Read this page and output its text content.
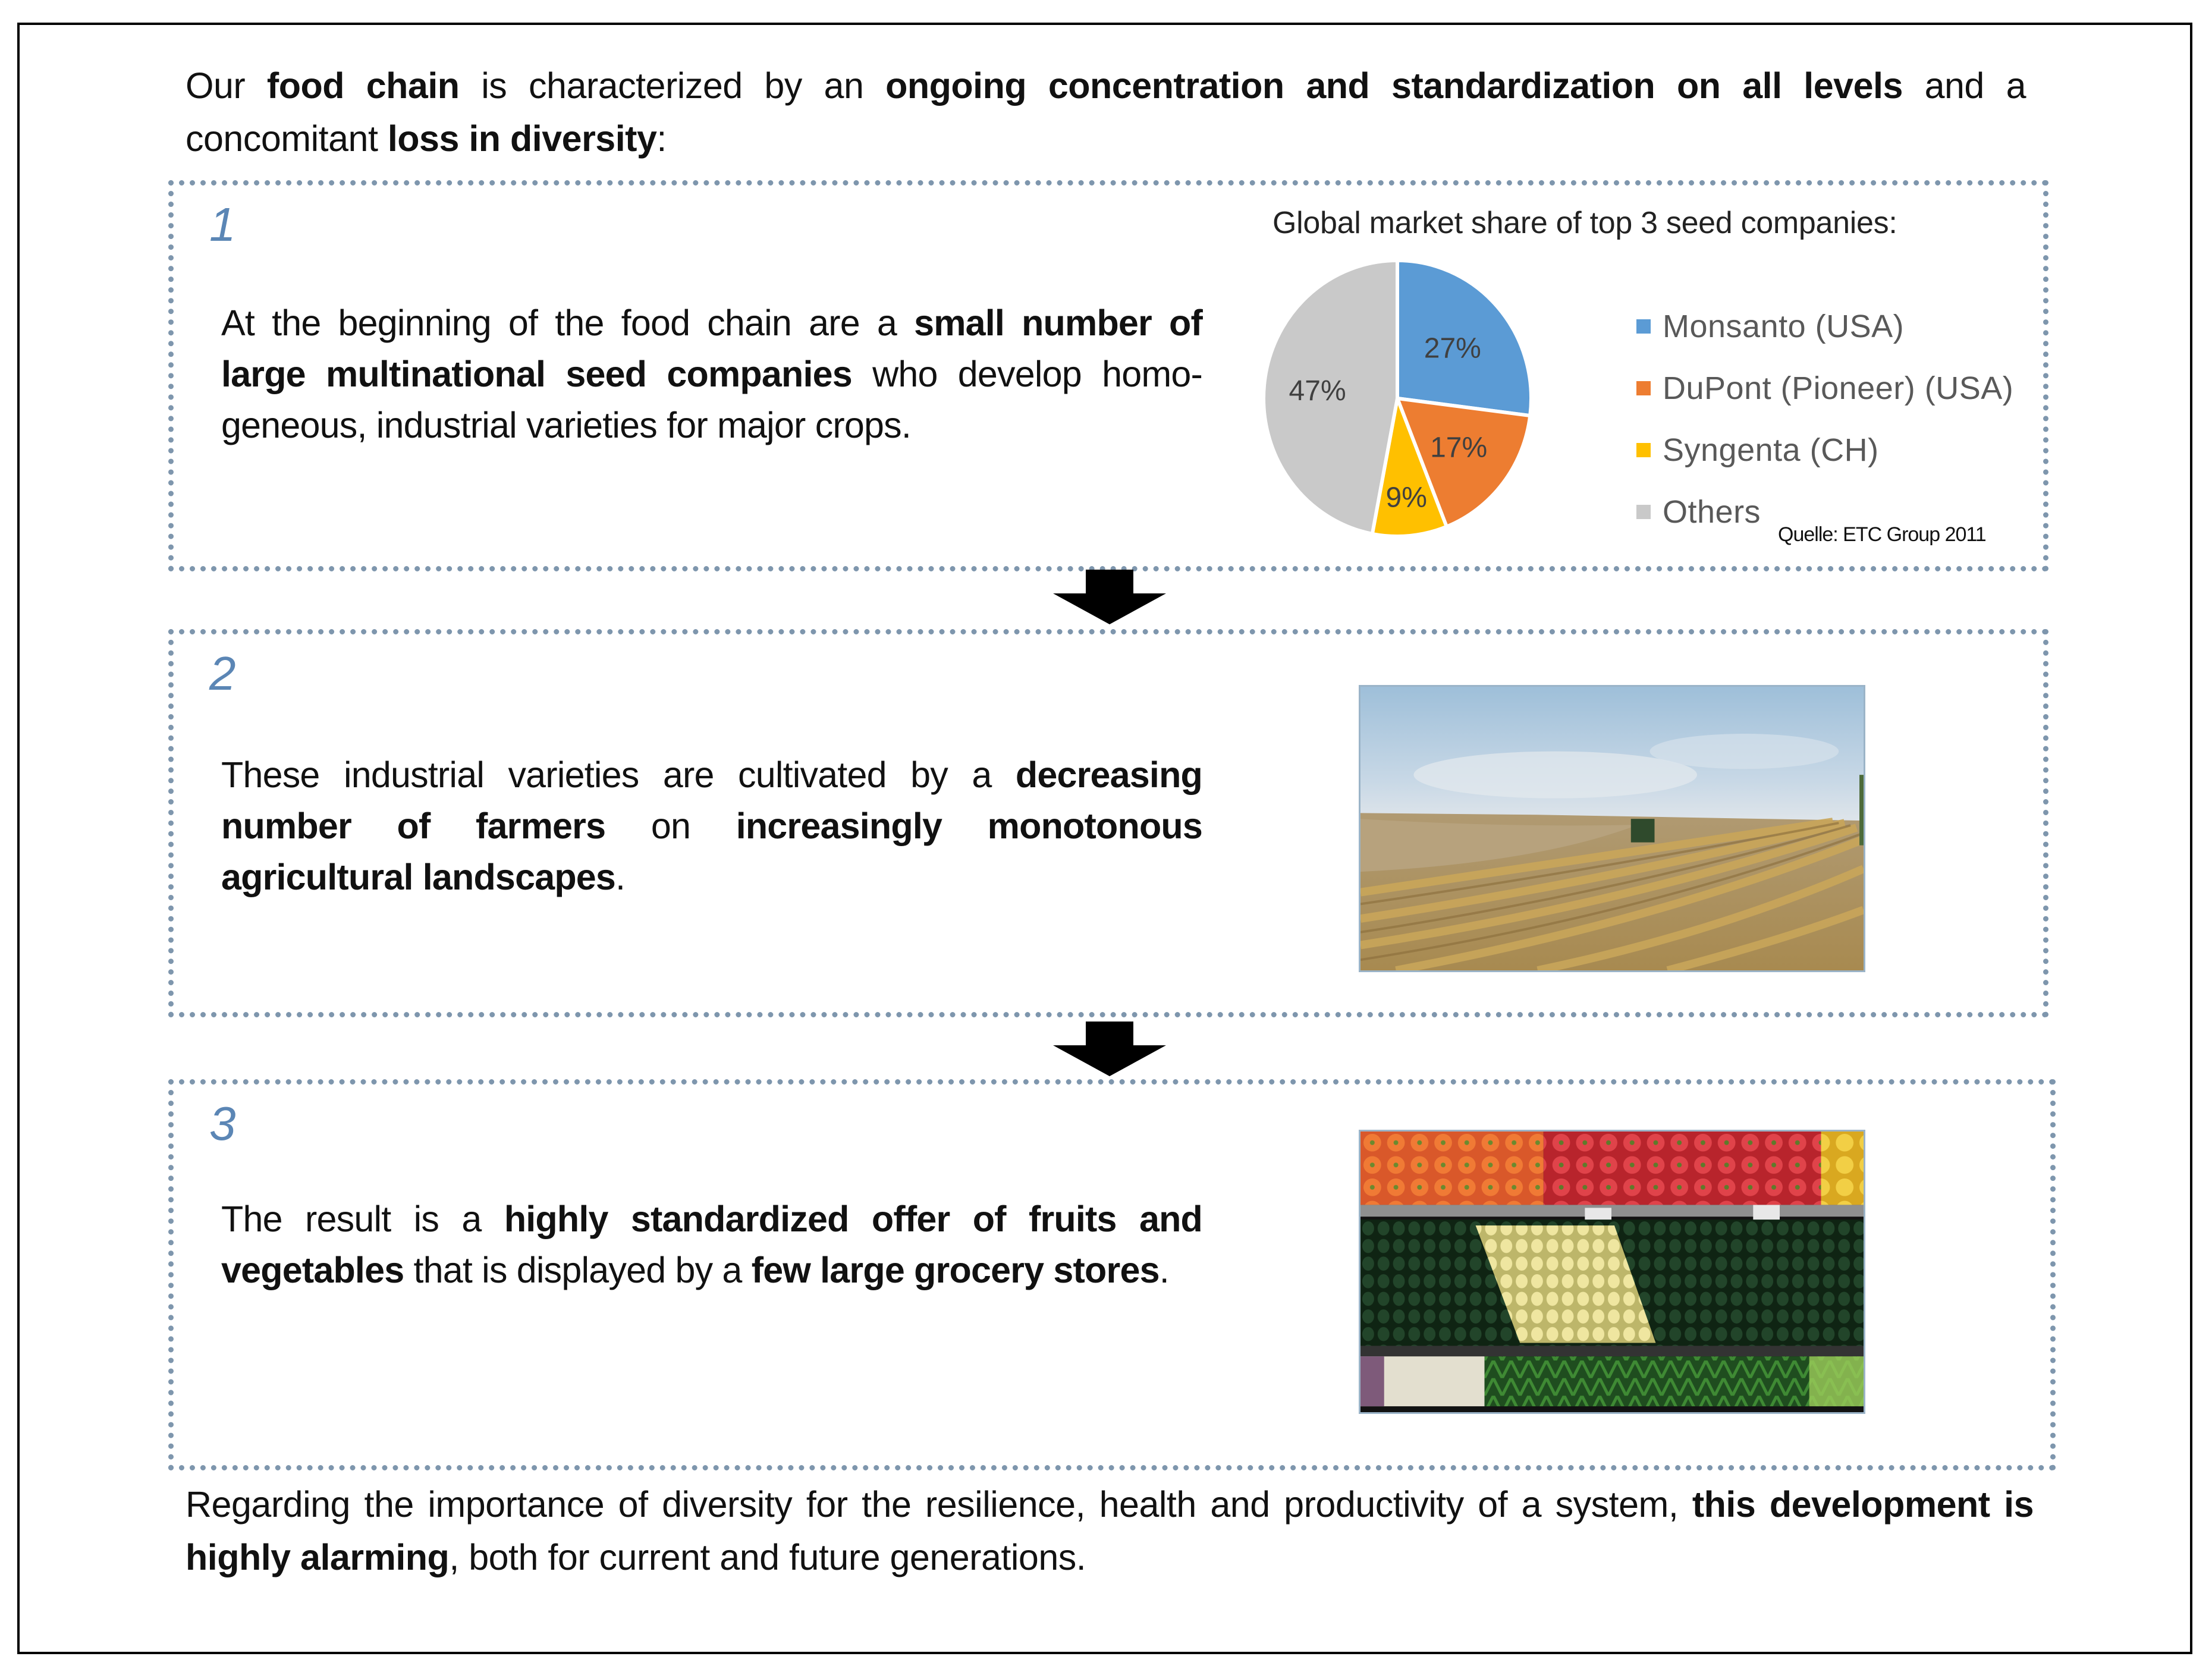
Our food chain is characterized by an ongoing concentration and standardization on all levels and a concomitant loss in diversity:

1

At the beginning of the food chain are a small number of large multinational seed companies who develop homo-geneous, industrial varieties for major crops.

Global market share of top 3 seed companies:
27%
17%
9%
47%
Monsanto (USA)
DuPont (Pioneer) (USA)
Syngenta (CH)
Others
Quelle: ETC Group 2011
2

These industrial varieties are cultivated by a decreasing number of farmers on increasingly monotonous agricultural landscapes.

3

The result is a highly standardized offer of fruits and vegetables that is displayed by a few large grocery stores.

Regarding the importance of diversity for the resilience, health and productivity of a system, this development is highly alarming, both for current and future generations.
